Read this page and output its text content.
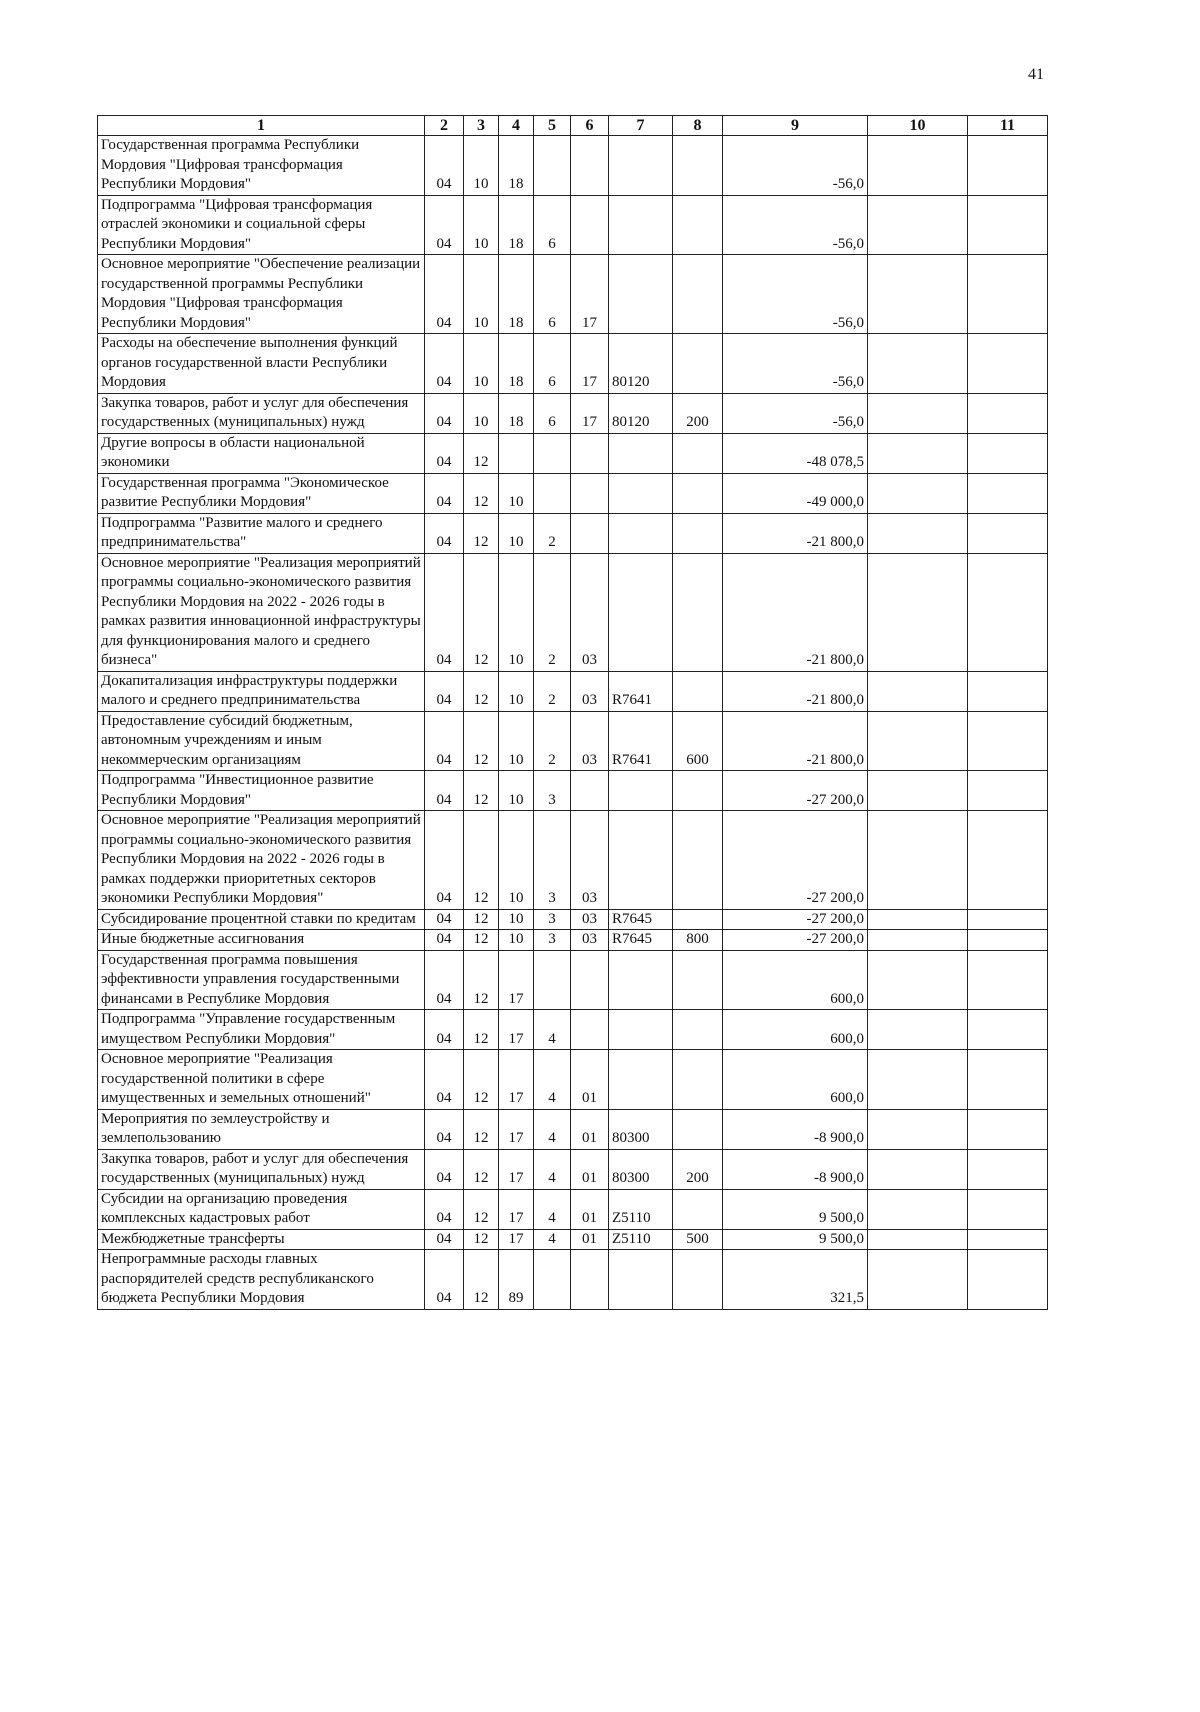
41
1	2	3	4	5	6	7	8	9	10	11
Государственная программа Республики Мордовия "Цифровая трансформация Республики Мордовия"	04	10	18					-56,0		
Подпрограмма "Цифровая трансформация отраслей экономики и социальной сферы Республики Мордовия"	04	10	18	6				-56,0		
Основное мероприятие "Обеспечение реализации государственной программы Республики Мордовия "Цифровая трансформация Республики Мордовия"	04	10	18	6	17			-56,0		
Расходы на обеспечение выполнения функций органов государственной власти Республики Мордовия	04	10	18	6	17	80120		-56,0		
Закупка товаров, работ и услуг для обеспечения государственных (муниципальных) нужд	04	10	18	6	17	80120	200	-56,0		
Другие вопросы в области национальной экономики	04	12						-48 078,5		
Государственная программа "Экономическое развитие Республики Мордовия"	04	12	10					-49 000,0		
Подпрограмма "Развитие малого и среднего предпринимательства"	04	12	10	2				-21 800,0		
Основное мероприятие "Реализация мероприятий программы социально-экономического развития Республики Мордовия на 2022 - 2026 годы в рамках развития инновационной инфраструктуры для функционирования малого и среднего бизнеса"	04	12	10	2	03			-21 800,0		
Докапитализация инфраструктуры поддержки малого и среднего предпринимательства	04	12	10	2	03	R7641		-21 800,0		
Предоставление субсидий бюджетным, автономным учреждениям и иным некоммерческим организациям	04	12	10	2	03	R7641	600	-21 800,0		
Подпрограмма "Инвестиционное развитие Республики Мордовия"	04	12	10	3				-27 200,0		
Основное мероприятие "Реализация мероприятий программы социально-экономического развития Республики Мордовия на 2022 - 2026 годы в рамках поддержки приоритетных секторов экономики Республики Мордовия"	04	12	10	3	03			-27 200,0		
Субсидирование процентной ставки по кредитам	04	12	10	3	03	R7645		-27 200,0		
Иные бюджетные ассигнования	04	12	10	3	03	R7645	800	-27 200,0		
Государственная программа повышения эффективности управления государственными финансами в Республике Мордовия	04	12	17					600,0		
Подпрограмма "Управление государственным имуществом Республики Мордовия"	04	12	17	4				600,0		
Основное мероприятие "Реализация государственной политики в сфере имущественных и земельных отношений"	04	12	17	4	01			600,0		
Мероприятия по землеустройству и землепользованию	04	12	17	4	01	80300		-8 900,0		
Закупка товаров, работ и услуг для обеспечения государственных (муниципальных) нужд	04	12	17	4	01	80300	200	-8 900,0		
Субсидии на организацию проведения комплексных кадастровых работ	04	12	17	4	01	Z5110		9 500,0		
Межбюджетные трансферты	04	12	17	4	01	Z5110	500	9 500,0		
Непрограммные расходы главных распорядителей средств республиканского бюджета Республики Мордовия	04	12	89					321,5		
